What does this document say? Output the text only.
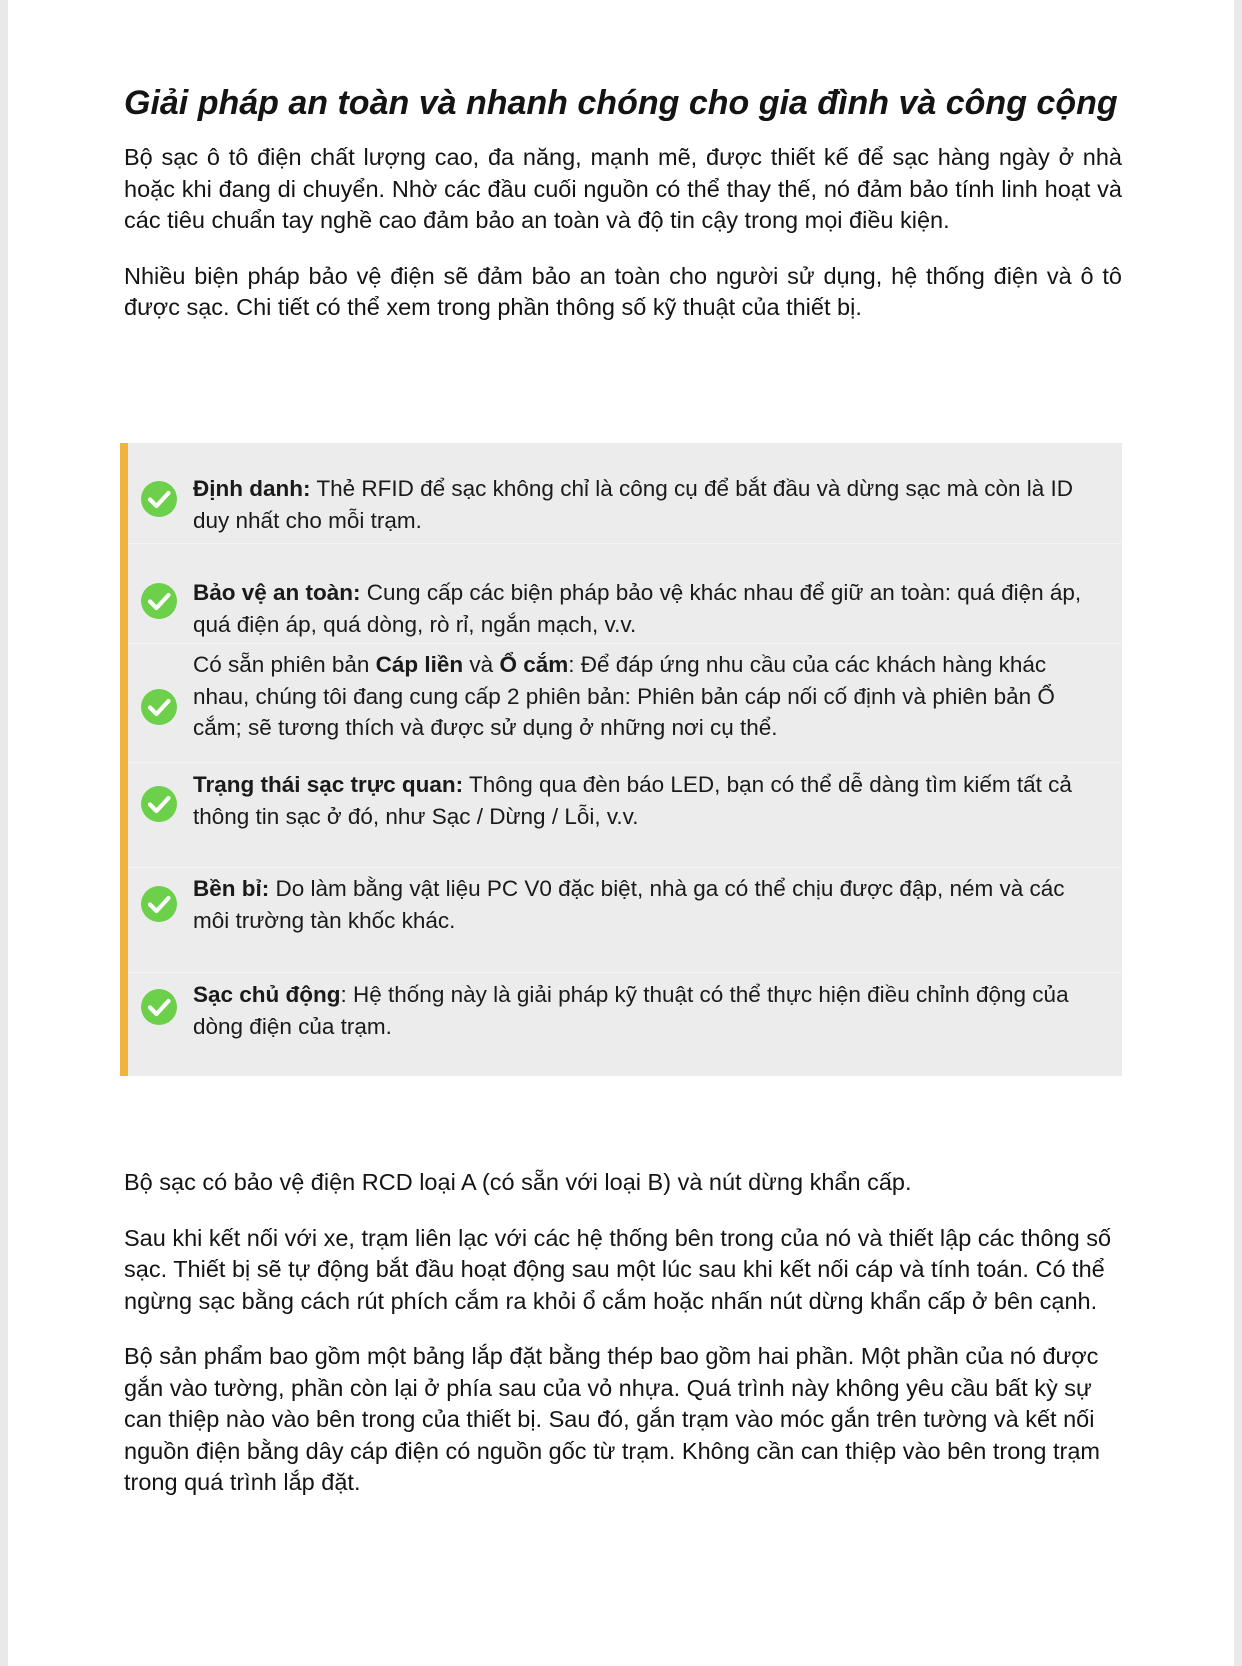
Giải pháp an toàn và nhanh chóng cho gia đình và công cộng

Bộ sạc ô tô điện chất lượng cao, đa năng, mạnh mẽ, được thiết kế để sạc hàng ngày ở nhà hoặc khi đang di chuyển. Nhờ các đầu cuối nguồn có thể thay thế, nó đảm bảo tính linh hoạt và các tiêu chuẩn tay nghề cao đảm bảo an toàn và độ tin cậy trong mọi điều kiện.

Nhiều biện pháp bảo vệ điện sẽ đảm bảo an toàn cho người sử dụng, hệ thống điện và ô tô được sạc. Chi tiết có thể xem trong phần thông số kỹ thuật của thiết bị.

Định danh: Thẻ RFID để sạc không chỉ là công cụ để bắt đầu và dừng sạc mà còn là ID duy nhất cho mỗi trạm.
Bảo vệ an toàn: Cung cấp các biện pháp bảo vệ khác nhau để giữ an toàn: quá điện áp, quá điện áp, quá dòng, rò rỉ, ngắn mạch, v.v.
Có sẵn phiên bản Cáp liền và Ổ cắm: Để đáp ứng nhu cầu của các khách hàng khác nhau, chúng tôi đang cung cấp 2 phiên bản: Phiên bản cáp nối cố định và phiên bản Ổ cắm; sẽ tương thích và được sử dụng ở những nơi cụ thể.
Trạng thái sạc trực quan: Thông qua đèn báo LED, bạn có thể dễ dàng tìm kiếm tất cả thông tin sạc ở đó, như Sạc / Dừng / Lỗi, v.v.
Bền bỉ: Do làm bằng vật liệu PC V0 đặc biệt, nhà ga có thể chịu được đập, ném và các môi trường tàn khốc khác.
Sạc chủ động: Hệ thống này là giải pháp kỹ thuật có thể thực hiện điều chỉnh động của dòng điện của trạm.

Bộ sạc có bảo vệ điện RCD loại A (có sẵn với loại B) và nút dừng khẩn cấp.

Sau khi kết nối với xe, trạm liên lạc với các hệ thống bên trong của nó và thiết lập các thông số sạc. Thiết bị sẽ tự động bắt đầu hoạt động sau một lúc sau khi kết nối cáp và tính toán. Có thể ngừng sạc bằng cách rút phích cắm ra khỏi ổ cắm hoặc nhấn nút dừng khẩn cấp ở bên cạnh.

Bộ sản phẩm bao gồm một bảng lắp đặt bằng thép bao gồm hai phần. Một phần của nó được gắn vào tường, phần còn lại ở phía sau của vỏ nhựa. Quá trình này không yêu cầu bất kỳ sự can thiệp nào vào bên trong của thiết bị. Sau đó, gắn trạm vào móc gắn trên tường và kết nối nguồn điện bằng dây cáp điện có nguồn gốc từ trạm. Không cần can thiệp vào bên trong trạm trong quá trình lắp đặt.
